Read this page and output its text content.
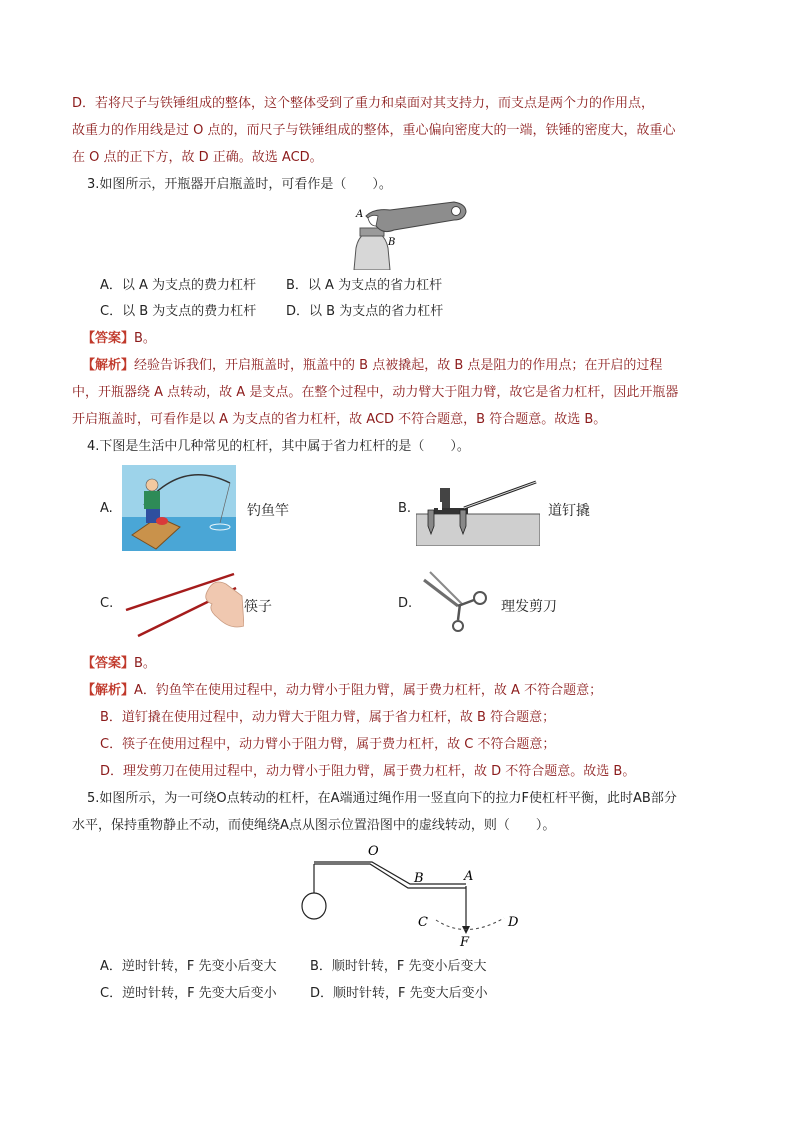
D．若将尺子与铁锤组成的整体，这个整体受到了重力和桌面对其支持力，而支点是两个力的作用点，
故重力的作用线是过 O 点的，而尺子与铁锤组成的整体，重心偏向密度大的一端，铁锤的密度大，故重心
在 O 点的正下方，故 D 正确。故选 ACD。
3.如图所示，开瓶器开启瓶盖时，可看作是（　　）。
A
B
A．以 A 为支点的费力杠杆 B．以 A 为支点的省力杠杆
C．以 B 为支点的费力杠杆 D．以 B 为支点的省力杠杆
【答案】B。
【解析】经验告诉我们，开启瓶盖时，瓶盖中的 B 点被撬起，故 B 点是阻力的作用点；在开启的过程
中，开瓶器绕 A 点转动，故 A 是支点。在整个过程中，动力臂大于阻力臂，故它是省力杠杆，因此开瓶器
开启瓶盖时，可看作是以 A 为支点的省力杠杆，故 ACD 不符合题意，B 符合题意。故选 B。
4.下图是生活中几种常见的杠杆，其中属于省力杠杆的是（　　）。
A.	钓鱼竿	B.	道钉撬
C.	筷子	D.	理发剪刀
【答案】B。
【解析】A．钓鱼竿在使用过程中，动力臂小于阻力臂，属于费力杠杆，故 A 不符合题意；
B．道钉撬在使用过程中，动力臂大于阻力臂，属于省力杠杆，故 B 符合题意；
C．筷子在使用过程中，动力臂小于阻力臂，属于费力杠杆，故 C 不符合题意；
D．理发剪刀在使用过程中，动力臂小于阻力臂，属于费力杠杆，故 D 不符合题意。故选 B。
5.如图所示，为一可绕O点转动的杠杆，在A端通过绳作用一竖直向下的拉力F使杠杆平衡，此时AB部分
水平，保持重物静止不动，而使绳绕A点从图示位置沿图中的虚线转动，则（　　）。
O
B	A
C	D
F
A．逆时针转，F 先变小后变大	B．顺时针转，F 先变小后变大
C．逆时针转，F 先变大后变小	D．顺时针转，F 先变大后变小
